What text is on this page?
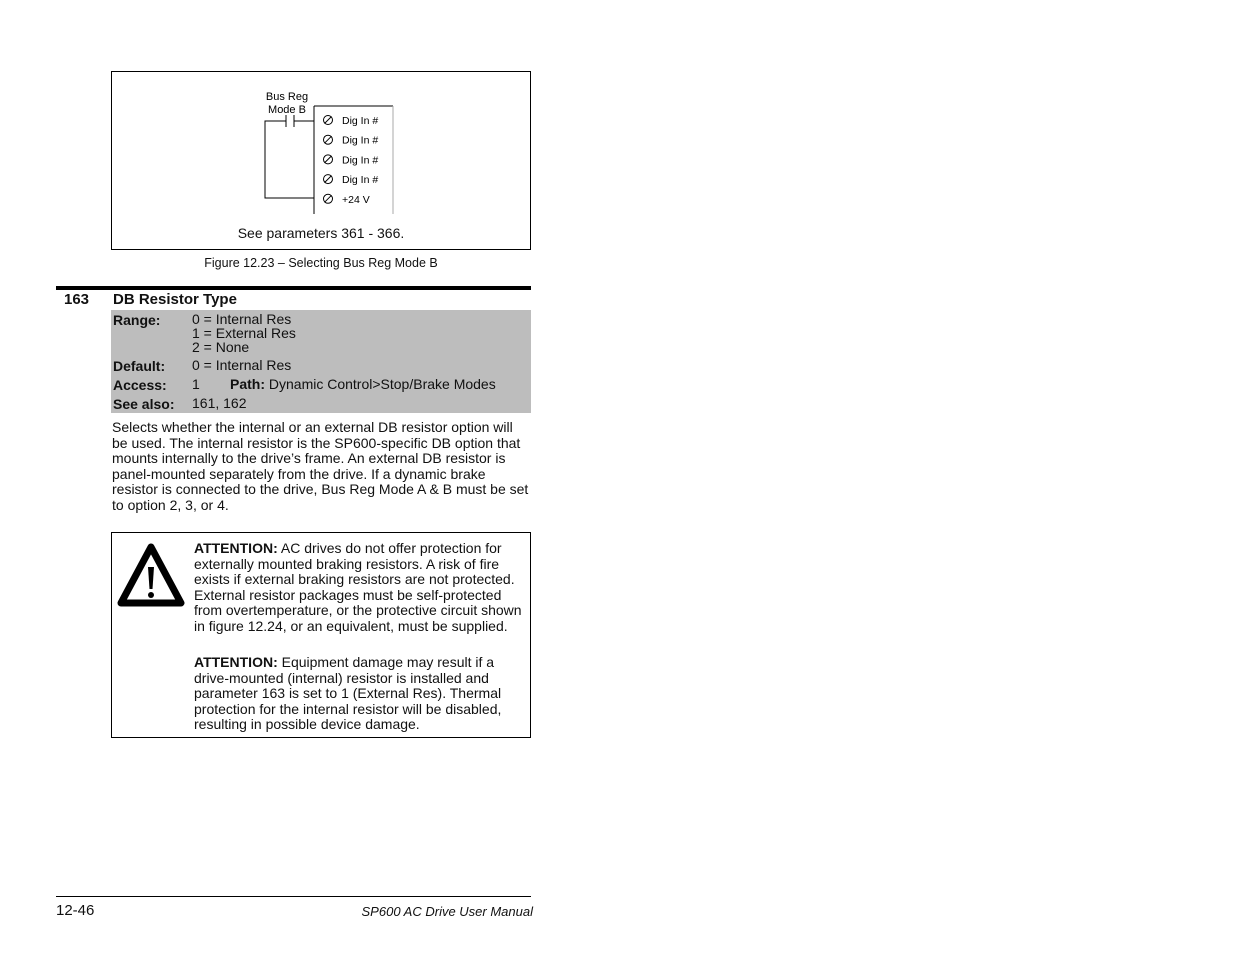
Bus Reg
Mode B
Dig In #
Dig In #
Dig In #
Dig In #
+24 V
See parameters 361 - 366.
Figure 12.23 – Selecting Bus Reg Mode B
163 DB Resistor Type
Range: 0 = Internal Res
1 = External Res
2 = None
Default: 0 = Internal Res
Access: 1 Path: Dynamic Control>Stop/Brake Modes
See also: 161, 162
Selects whether the internal or an external DB resistor option will be used. The internal resistor is the SP600-specific DB option that mounts internally to the drive’s frame. An external DB resistor is panel-mounted separately from the drive. If a dynamic brake resistor is connected to the drive, Bus Reg Mode A & B must be set to option 2, 3, or 4.
ATTENTION: AC drives do not offer protection for externally mounted braking resistors. A risk of fire exists if external braking resistors are not protected. External resistor packages must be self-protected from overtemperature, or the protective circuit shown in figure 12.24, or an equivalent, must be supplied.
ATTENTION: Equipment damage may result if a drive-mounted (internal) resistor is installed and parameter 163 is set to 1 (External Res). Thermal protection for the internal resistor will be disabled, resulting in possible device damage.
12-46	SP600 AC Drive User Manual
